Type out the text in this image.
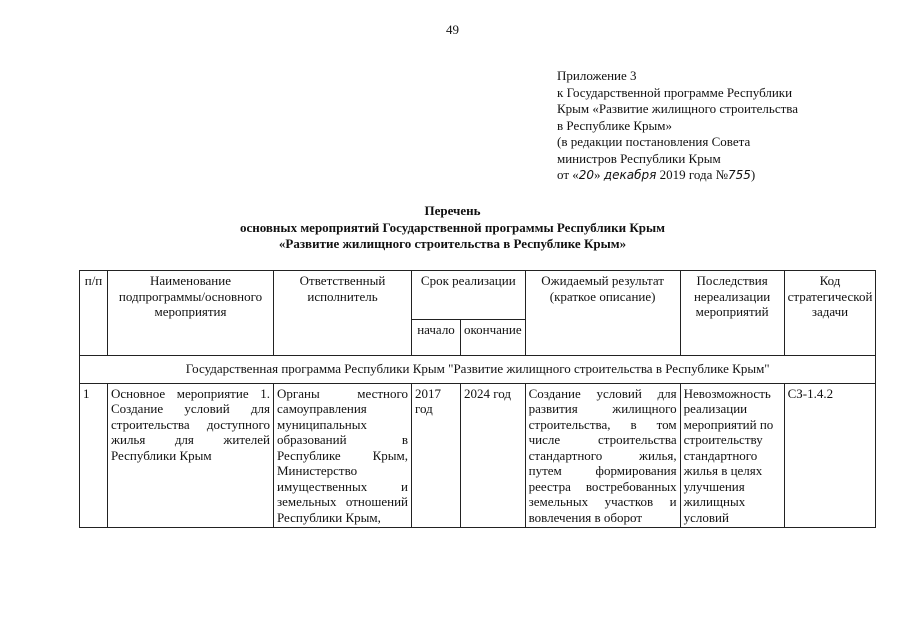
49
Приложение 3
к Государственной программе Республики
Крым «Развитие жилищного строительства
в Республике Крым»
(в редакции постановления Совета
министров Республики Крым
от «20» декабря 2019 года №755)
Перечень
основных мероприятий Государственной программы Республики Крым
«Развитие жилищного строительства в Республике Крым»
п/п	Наименование подпрограммы/основного мероприятия	Ответственный исполнитель	Срок реализации		Ожидаемый результат (краткое описание)	Последствия нереализации мероприятий	Код стратегической задачи
			начало	окончание			
Государственная программа Республики Крым "Развитие жилищного строительства в Республике Крым"							
1	Основное мероприятие 1. Создание условий для строительства доступного жилья для жителей Республики Крым	Органы местного самоуправления муниципальных образований в Республике Крым, Министерство имущественных и земельных отношений Республики Крым,	2017 год	2024 год	Создание условий для развития жилищного строительства, в том числе строительства стандартного жилья, путем формирования реестра востребованных земельных участков и вовлечения в оборот	Невозможность реализации мероприятий по строительству стандартного жилья в целях улучшения жилищных условий	СЗ-1.4.2
